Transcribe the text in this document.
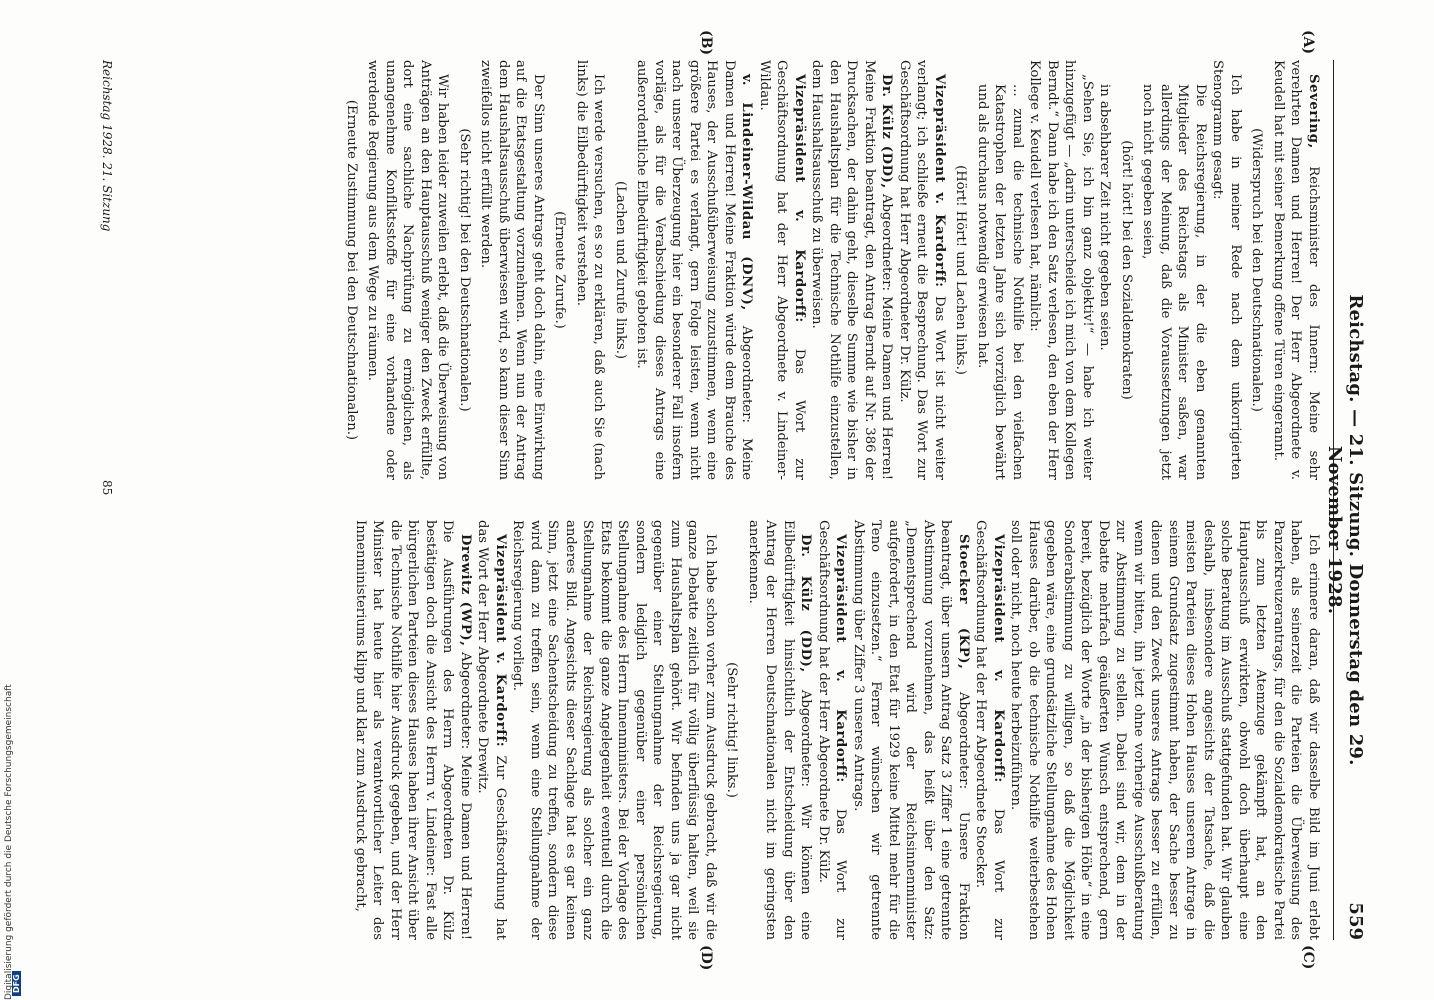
Reichstag. — 21. Sitzung. Donnerstag den 29. November 1928.
559
(A)
(B)
(C)
(D)

Severing, Reichsminister des Innern: Meine sehr verehrten Damen und Herren! Der Herr Abgeordnete v. Keudell hat mit seiner Bemerkung offene Türen eingerannt.

(Widerspruch bei den Deutschnationalen.)

Ich habe in meiner Rede nach dem unkorrigierten Stenogramm gesagt:

Die Reichsregierung, in der die eben genannten Mitglieder des Reichstags als Minister saßen, war allerdings der Meinung, daß die Voraussetzungen jetzt noch nicht gegeben seien,

(hört! hört! bei den Sozialdemokraten)

in absehbarer Zeit nicht gegeben seien.

„Sehen Sie, ich bin ganz objektiv!“ — habe ich weiter hinzugefügt — „darin unterscheide ich mich von dem Kollegen Berndt.“ Dann habe ich den Satz verlesen, den eben der Herr Kollege v. Keudell verlesen hat, nämlich:

... zumal die technische Nothilfe bei den vielfachen Katastrophen der letzten Jahre sich vorzüglich bewährt und als durchaus notwendig erwiesen hat.

(Hört! Hört! und Lachen links.)

Vizepräsident v. Kardorff: Das Wort ist nicht weiter verlangt; ich schließe erneut die Besprechung. Das Wort zur Geschäftsordnung hat Herr Abgeordneter Dr. Külz.

Dr. Külz (DD), Abgeordneter: Meine Damen und Herren! Meine Fraktion beantragt, den Antrag Berndt auf Nr. 386 der Drucksachen, der dahin geht, dieselbe Summe wie bisher in den Haushaltsplan für die Technische Nothilfe einzustellen, dem Haushaltsausschuß zu überweisen.

Vizepräsident v. Kardorff: Das Wort zur Geschäftsordnung hat der Herr Abgeordnete v. Lindeiner-Wildau.

v. Lindeiner-Wildau (DNV), Abgeordneter: Meine Damen und Herren! Meine Fraktion würde dem Brauche des Hauses, der Ausschußüberweisung zuzustimmen, wenn eine größere Partei es verlangt, gern Folge leisten, wenn nicht nach unserer Überzeugung hier ein besonderer Fall insofern vorläge, als für die Verabschiedung dieses Antrags eine außerordentliche Eilbedürftigkeit geboten ist.

(Lachen und Zurufe links.)

Ich werde versuchen, es so zu erklären, daß auch Sie (nach links) die Eilbedürftigkeit verstehen.

(Erneute Zurufe.)

Der Sinn unseres Antrags geht doch dahin, eine Einwirkung auf die Etatsgestaltung vorzunehmen. Wenn nun der Antrag dem Haushaltsausschuß überwiesen wird, so kann dieser Sinn zweifellos nicht erfüllt werden.

(Sehr richtig! bei den Deutschnationalen.)

Wir haben leider zuweilen erlebt, daß die Überweisung von Anträgen an den Hauptausschuß weniger den Zweck erfüllte, dort eine sachliche Nachprüfung zu ermöglichen, als unangenehme Konfliktsstoffe für eine vorhandene oder werdende Regierung aus dem Wege zu räumen.

(Erneute Zustimmung bei den Deutschnationalen.)

Ich erinnere daran, daß wir dasselbe Bild im Juni erlebt haben, als seinerzeit die Parteien die Überweisung des Panzerkreuzerantrags, für den die Sozialdemokratische Partei bis zum letzten Atemzuge gekämpft hat, an den Hauptausschuß erwirkten, obwohl doch überhaupt eine solche Beratung im Ausschuß stattgefunden hat. Wir glauben deshalb, insbesondere angesichts der Tatsache, daß die meisten Parteien dieses Hohen Hauses unserem Antrage in seinem Grundsatz zugestimmt haben, der Sache besser zu dienen und den Zweck unseres Antrags besser zu erfüllen, wenn wir bitten, ihn jetzt ohne vorherige Ausschußberatung zur Abstimmung zu stellen. Dabei sind wir, dem in der Debatte mehrfach geäußerten Wunsch entsprechend, gern bereit, bezüglich der Worte „in der bisherigen Höhe“ in eine Sonderabstimmung zu willigen, so daß die Möglichkeit gegeben wäre, eine grundsätzliche Stellungnahme des Hohen Hauses darüber, ob die technische Nothilfe weiterbestehen soll oder nicht, noch heute herbeizuführen.

Vizepräsident v. Kardorff: Das Wort zur Geschäftsordnung hat der Herr Abgeordnete Stoecker.

Stoecker (KP), Abgeordneter: Unsere Fraktion beantragt, über unsern Antrag Satz 3 Ziffer 1 eine getrennte Abstimmung vorzunehmen, das heißt über den Satz: „Dementsprechend wird der Reichsinnenminister aufgefordert, in den Etat für 1929 keine Mittel mehr für die Teno einzusetzen.“ Ferner wünschen wir getrennte Abstimmung über Ziffer 3 unseres Antrags.

Vizepräsident v. Kardorff: Das Wort zur Geschäftsordnung hat der Herr Abgeordnete Dr. Külz.

Dr. Külz (DD), Abgeordneter: Wir können eine Eilbedürftigkeit hinsichtlich der Entscheidung über den Antrag der Herren Deutschnationalen nicht im geringsten anerkennen.

(Sehr richtig! links.)

Ich habe schon vorher zum Ausdruck gebracht, daß wir die ganze Debatte zeitlich für völlig überflüssig halten, weil sie zum Haushaltsplan gehört. Wir befinden uns ja gar nicht gegenüber einer Stellungnahme der Reichsregierung, sondern lediglich gegenüber einer persönlichen Stellungnahme des Herrn Innenministers. Bei der Vorlage des Etats bekommt die ganze Angelegenheit eventuell durch die Stellungnahme der Reichsregierung als solcher ein ganz anderes Bild. Angesichts dieser Sachlage hat es gar keinen Sinn, jetzt eine Sachentscheidung zu treffen, sondern diese wird dann zu treffen sein, wenn eine Stellungnahme der Reichsregierung vorliegt.

Vizepräsident v. Kardorff: Zur Geschäftsordnung hat das Wort der Herr Abgeordnete Drewitz.

Drewitz (WP), Abgeordneter: Meine Damen und Herren! Die Ausführungen des Herrn Abgeordneten Dr. Külz bestätigen doch die Ansicht des Herrn v. Lindeiner: Fast alle bürgerlichen Parteien dieses Hauses haben ihrer Ansicht über die Technische Nothilfe hier Ausdruck gegeben, und der Herr Minister hat heute hier als verantwortlicher Leiter des Innenministeriums klipp und klar zum Ausdruck gebracht,

Reichstag 1928. 21. Sitzung
85
Digitalisierung gefördert durch die Deutsche Forschungsgemeinschaft
DFG
